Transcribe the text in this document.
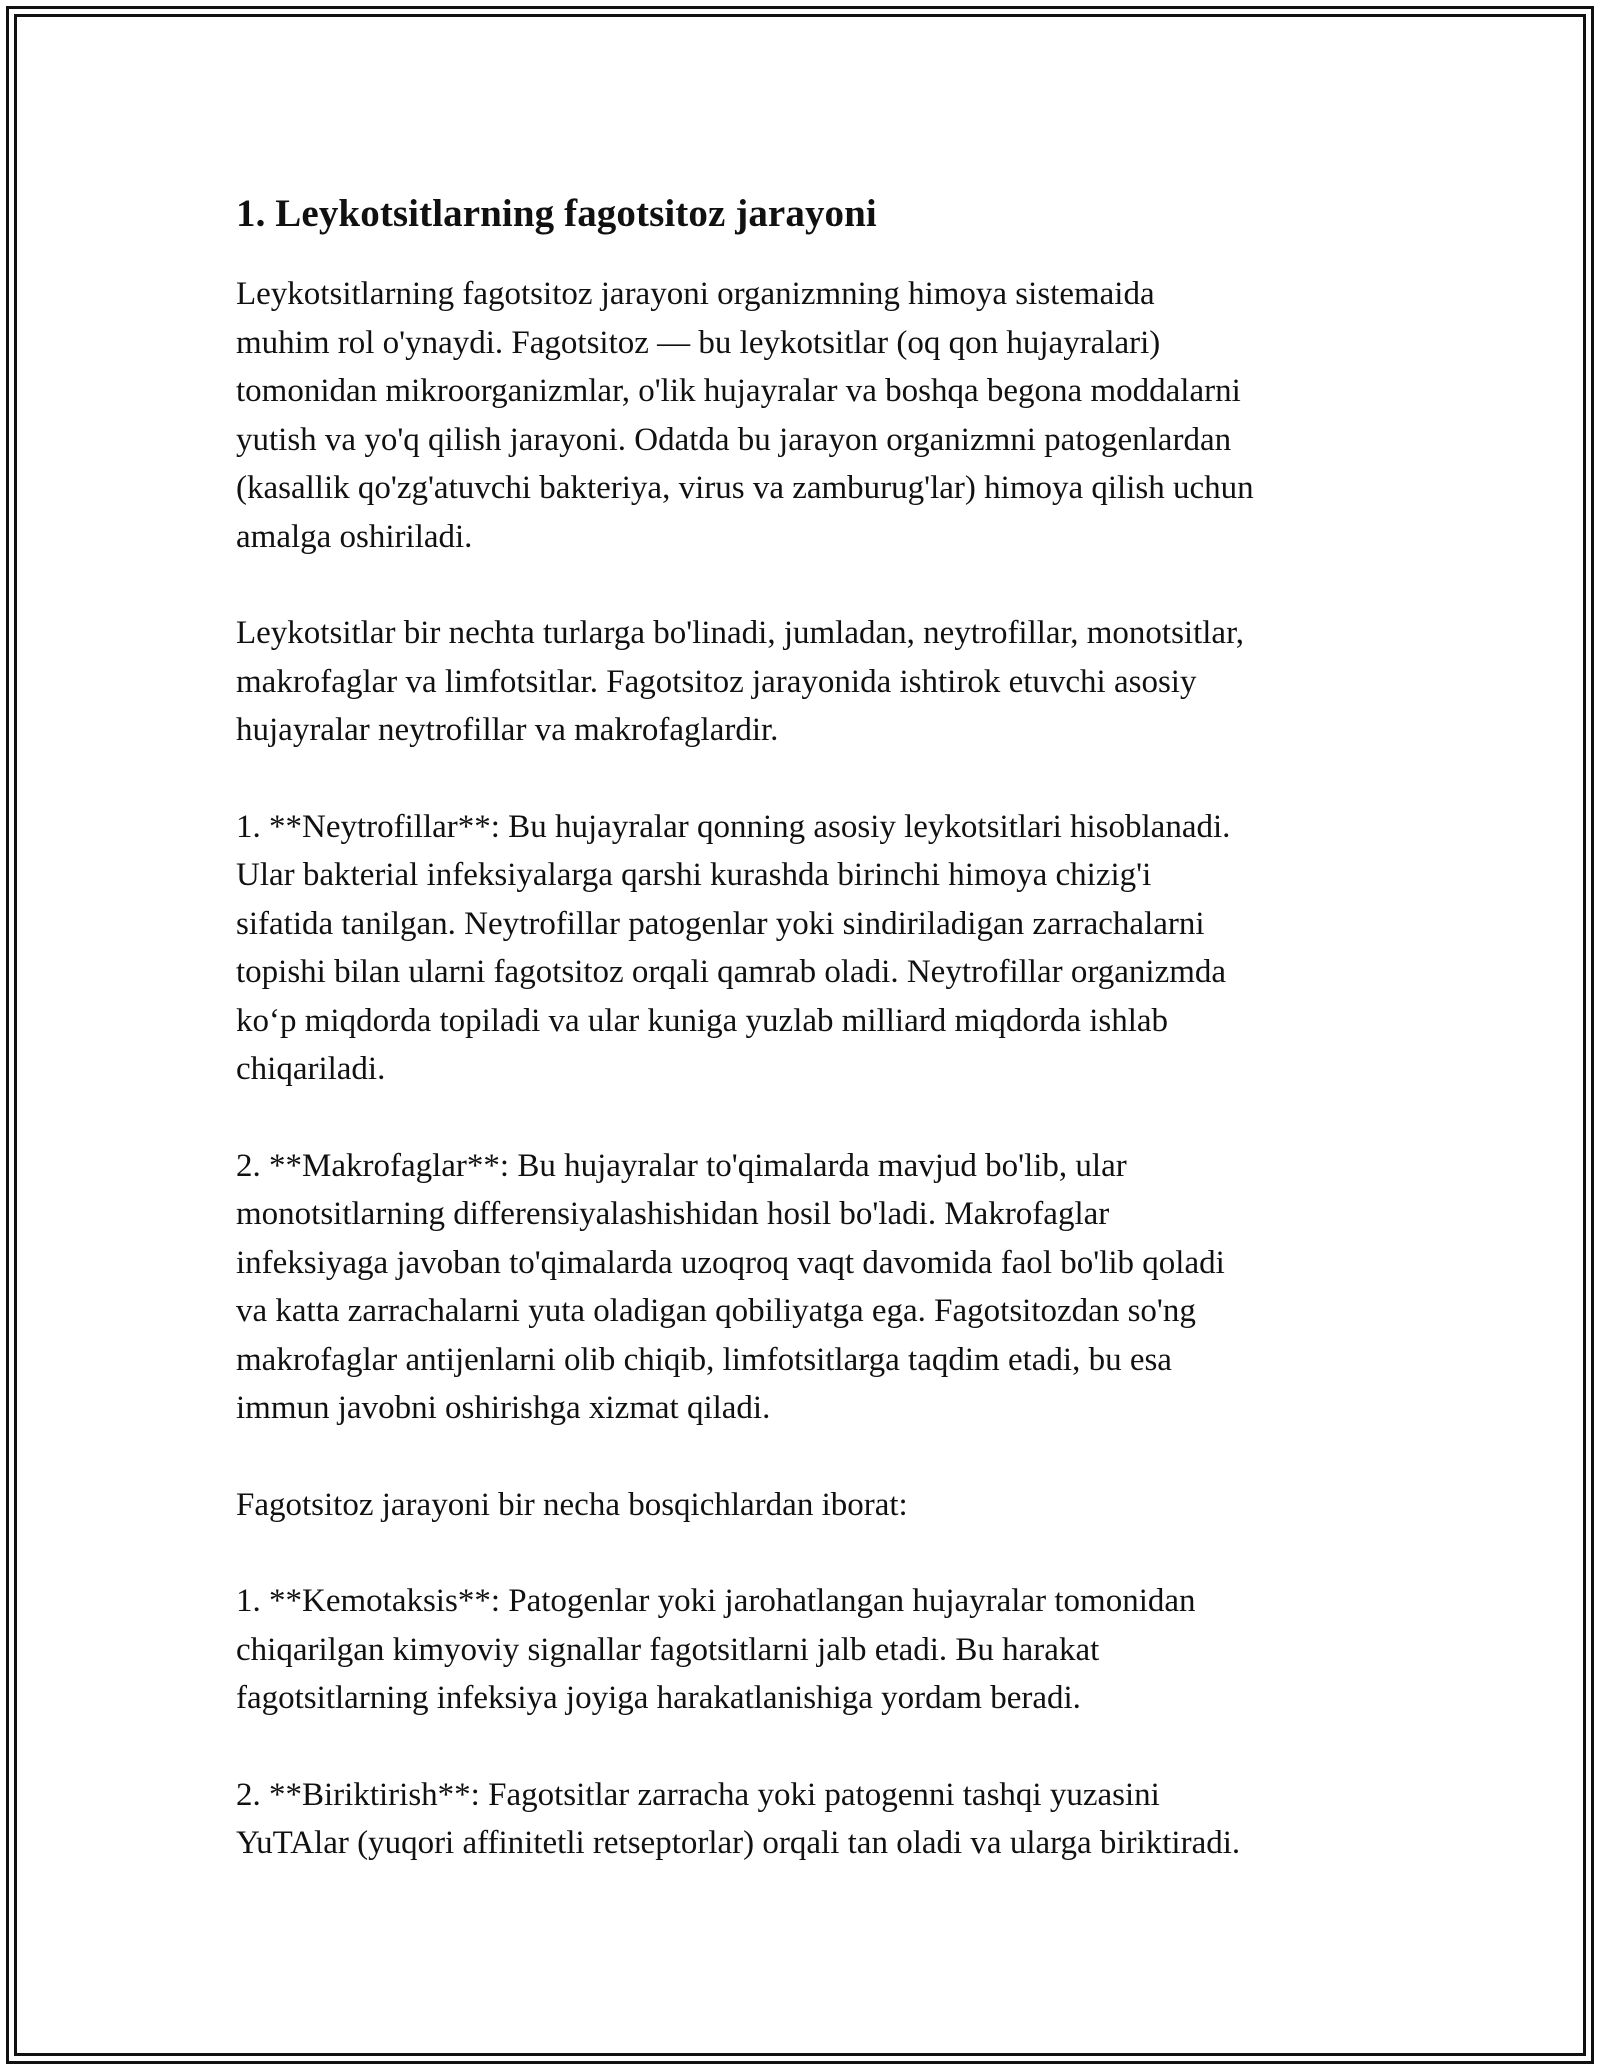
1. Leykotsitlarning fagotsitoz jarayoni

Leykotsitlarning fagotsitoz jarayoni organizmning himoya sistemaida
muhim rol o'ynaydi. Fagotsitoz — bu leykotsitlar (oq qon hujayralari)
tomonidan mikroorganizmlar, o'lik hujayralar va boshqa begona moddalarni
yutish va yo'q qilish jarayoni. Odatda bu jarayon organizmni patogenlardan
(kasallik qo'zg'atuvchi bakteriya, virus va zamburug'lar) himoya qilish uchun
amalga oshiriladi.

Leykotsitlar bir nechta turlarga bo'linadi, jumladan, neytrofillar, monotsitlar,
makrofaglar va limfotsitlar. Fagotsitoz jarayonida ishtirok etuvchi asosiy
hujayralar neytrofillar va makrofaglardir.

1. **Neytrofillar**: Bu hujayralar qonning asosiy leykotsitlari hisoblanadi.
Ular bakterial infeksiyalarga qarshi kurashda birinchi himoya chizig'i
sifatida tanilgan. Neytrofillar patogenlar yoki sindiriladigan zarrachalarni
topishi bilan ularni fagotsitoz orqali qamrab oladi. Neytrofillar organizmda
ko‘p miqdorda topiladi va ular kuniga yuzlab milliard miqdorda ishlab
chiqariladi.

2. **Makrofaglar**: Bu hujayralar to'qimalarda mavjud bo'lib, ular
monotsitlarning differensiyalashishidan hosil bo'ladi. Makrofaglar
infeksiyaga javoban to'qimalarda uzoqroq vaqt davomida faol bo'lib qoladi
va katta zarrachalarni yuta oladigan qobiliyatga ega. Fagotsitozdan so'ng
makrofaglar antijenlarni olib chiqib, limfotsitlarga taqdim etadi, bu esa
immun javobni oshirishga xizmat qiladi.

Fagotsitoz jarayoni bir necha bosqichlardan iborat:

1. **Kemotaksis**: Patogenlar yoki jarohatlangan hujayralar tomonidan
chiqarilgan kimyoviy signallar fagotsitlarni jalb etadi. Bu harakat
fagotsitlarning infeksiya joyiga harakatlanishiga yordam beradi.

2. **Biriktirish**: Fagotsitlar zarracha yoki patogenni tashqi yuzasini
YuTAlar (yuqori affinitetli retseptorlar) orqali tan oladi va ularga biriktiradi.
